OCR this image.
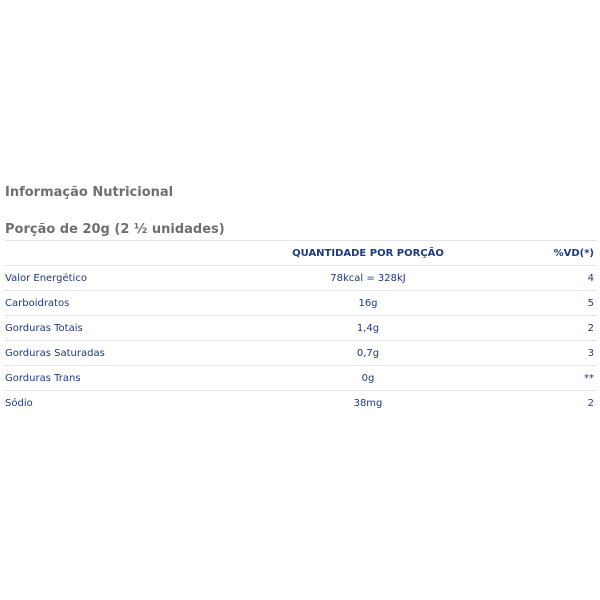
Informação Nutricional
Porção de 20g (2 ½ unidades)
	QUANTIDADE POR PORÇÃO	%VD(*)
Valor Energético	78kcal = 328kJ	4
Carboidratos	16g	5
Gorduras Totais	1,4g	2
Gorduras Saturadas	0,7g	3
Gorduras Trans	0g	**
Sódio	38mg	2
